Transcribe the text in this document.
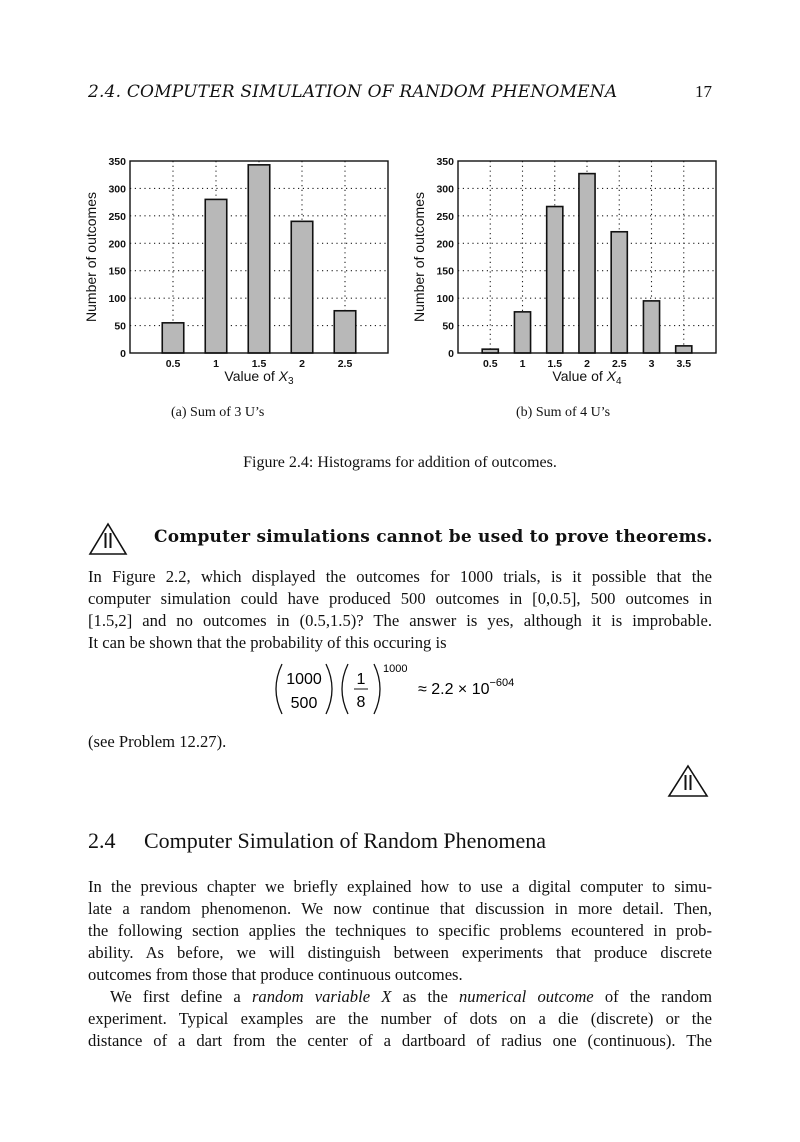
2.4. COMPUTER SIMULATION OF RANDOM PHENOMENA	17
0
50
100
150
200
250
300
350
0.5	1	1.5	2	2.5
Value of $X_3$
Number of outcomes
0
50
100
150
200
250
300
350
0.5 1 1.5 2 2.5 3 3.5
Value of $X_4$
Number of outcomes
(a) Sum of 3 U’s	(b) Sum of 4 U’s
Figure 2.4: Histograms for addition of outcomes.
Computer simulations cannot be used to prove theorems.
In Figure 2.2, which displayed the outcomes for 1000 trials, is it possible that the
computer simulation could have produced 500 outcomes in [0,0.5], 500 outcomes in
[1.5,2] and no outcomes in (0.5,1.5)? The answer is yes, although it is improbable.
It can be shown that the probability of this occuring is
1000
500
1
8
1000
≈ $2.2 \times 10^{-604}$
(see Problem 12.27).
2.4 Computer Simulation of Random Phenomena
In the previous chapter we briefly explained how to use a digital computer to simu-
late a random phenomenon. We now continue that discussion in more detail. Then,
the following section applies the techniques to specific problems ecountered in prob-
ability. As before, we will distinguish between experiments that produce discrete
outcomes from those that produce continuous outcomes.
We first define a random variable X as the numerical outcome of the random
experiment. Typical examples are the number of dots on a die (discrete) or the
distance of a dart from the center of a dartboard of radius one (continuous). The
